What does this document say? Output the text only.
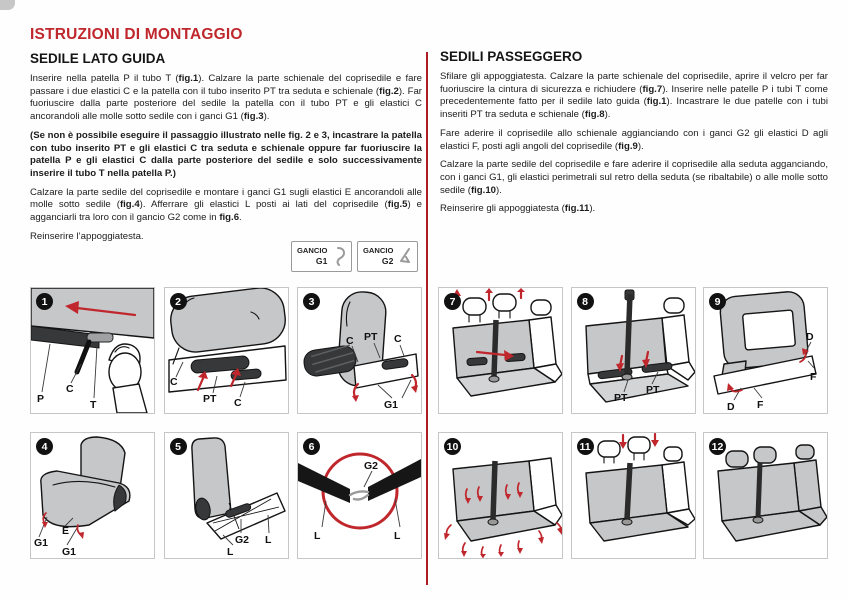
ISTRUZIONI DI MONTAGGIO
SEDILE LATO GUIDA

Inserire nella patella P il tubo T (fig.1). Calzare la parte schienale del coprisedile e fare passare i due elastici C e la patella con il tubo inserito PT tra seduta e schienale (fig.2). Far fuoriuscire dalla parte posteriore del sedile la patella con il tubo PT e gli elastici C ancorandoli alle molle sotto sedile con i ganci G1 (fig.3).

(Se non è possibile eseguire il passaggio illustrato nelle fig. 2 e 3, incastrare la patella con tubo inserito PT e gli elastici C tra seduta e schienale oppure far fuoriuscire la patella P e gli elastici C dalla parte posteriore del sedile e solo successivamente inserire il tubo T nella patella P.)

Calzare la parte sedile del coprisedile e montare i ganci G1 sugli elastici E ancorandoli alle molle sotto sedile (fig.4). Afferrare gli elastici L posti ai lati del coprisedile (fig.5) e agganciarli tra loro con il gancio G2 come in fig.6.

Reinserire l’appoggiatesta.

SEDILI PASSEGGERO

Sfilare gli appoggiatesta. Calzare la parte schienale del coprisedile, aprire il velcro per far fuoriuscire la cintura di sicurezza e richiudere (fig.7). Inserire nelle patelle P i tubi T come precedentemente fatto per il sedile lato guida (fig.1). Incastrare le due patelle con i tubi inseriti PT tra seduta e schienale (fig.8).

Fare aderire il coprisedile allo schienale aggianciando con i ganci G2 gli elastici D agli elastici F, posti agli angoli del coprisedile (fig.9).

Calzare la parte sedile del coprisedile e fare aderire il coprisedile alla seduta agganciando, con i ganci G1, gli elastici perimetrali sul retro della seduta (se ribaltabile) o alle molle sotto sedile (fig.10).

Reinserire gli appoggiatesta (fig.11).

GANCIO
G1
GANCIO
G2
1
P
C
T
2
C
PT C
3
C PT C
G1
4
G1
E
G1
5
G2 L
L
6
G2
L	L
7	8
PT
PT
9
D
F
D F
10	11	12
